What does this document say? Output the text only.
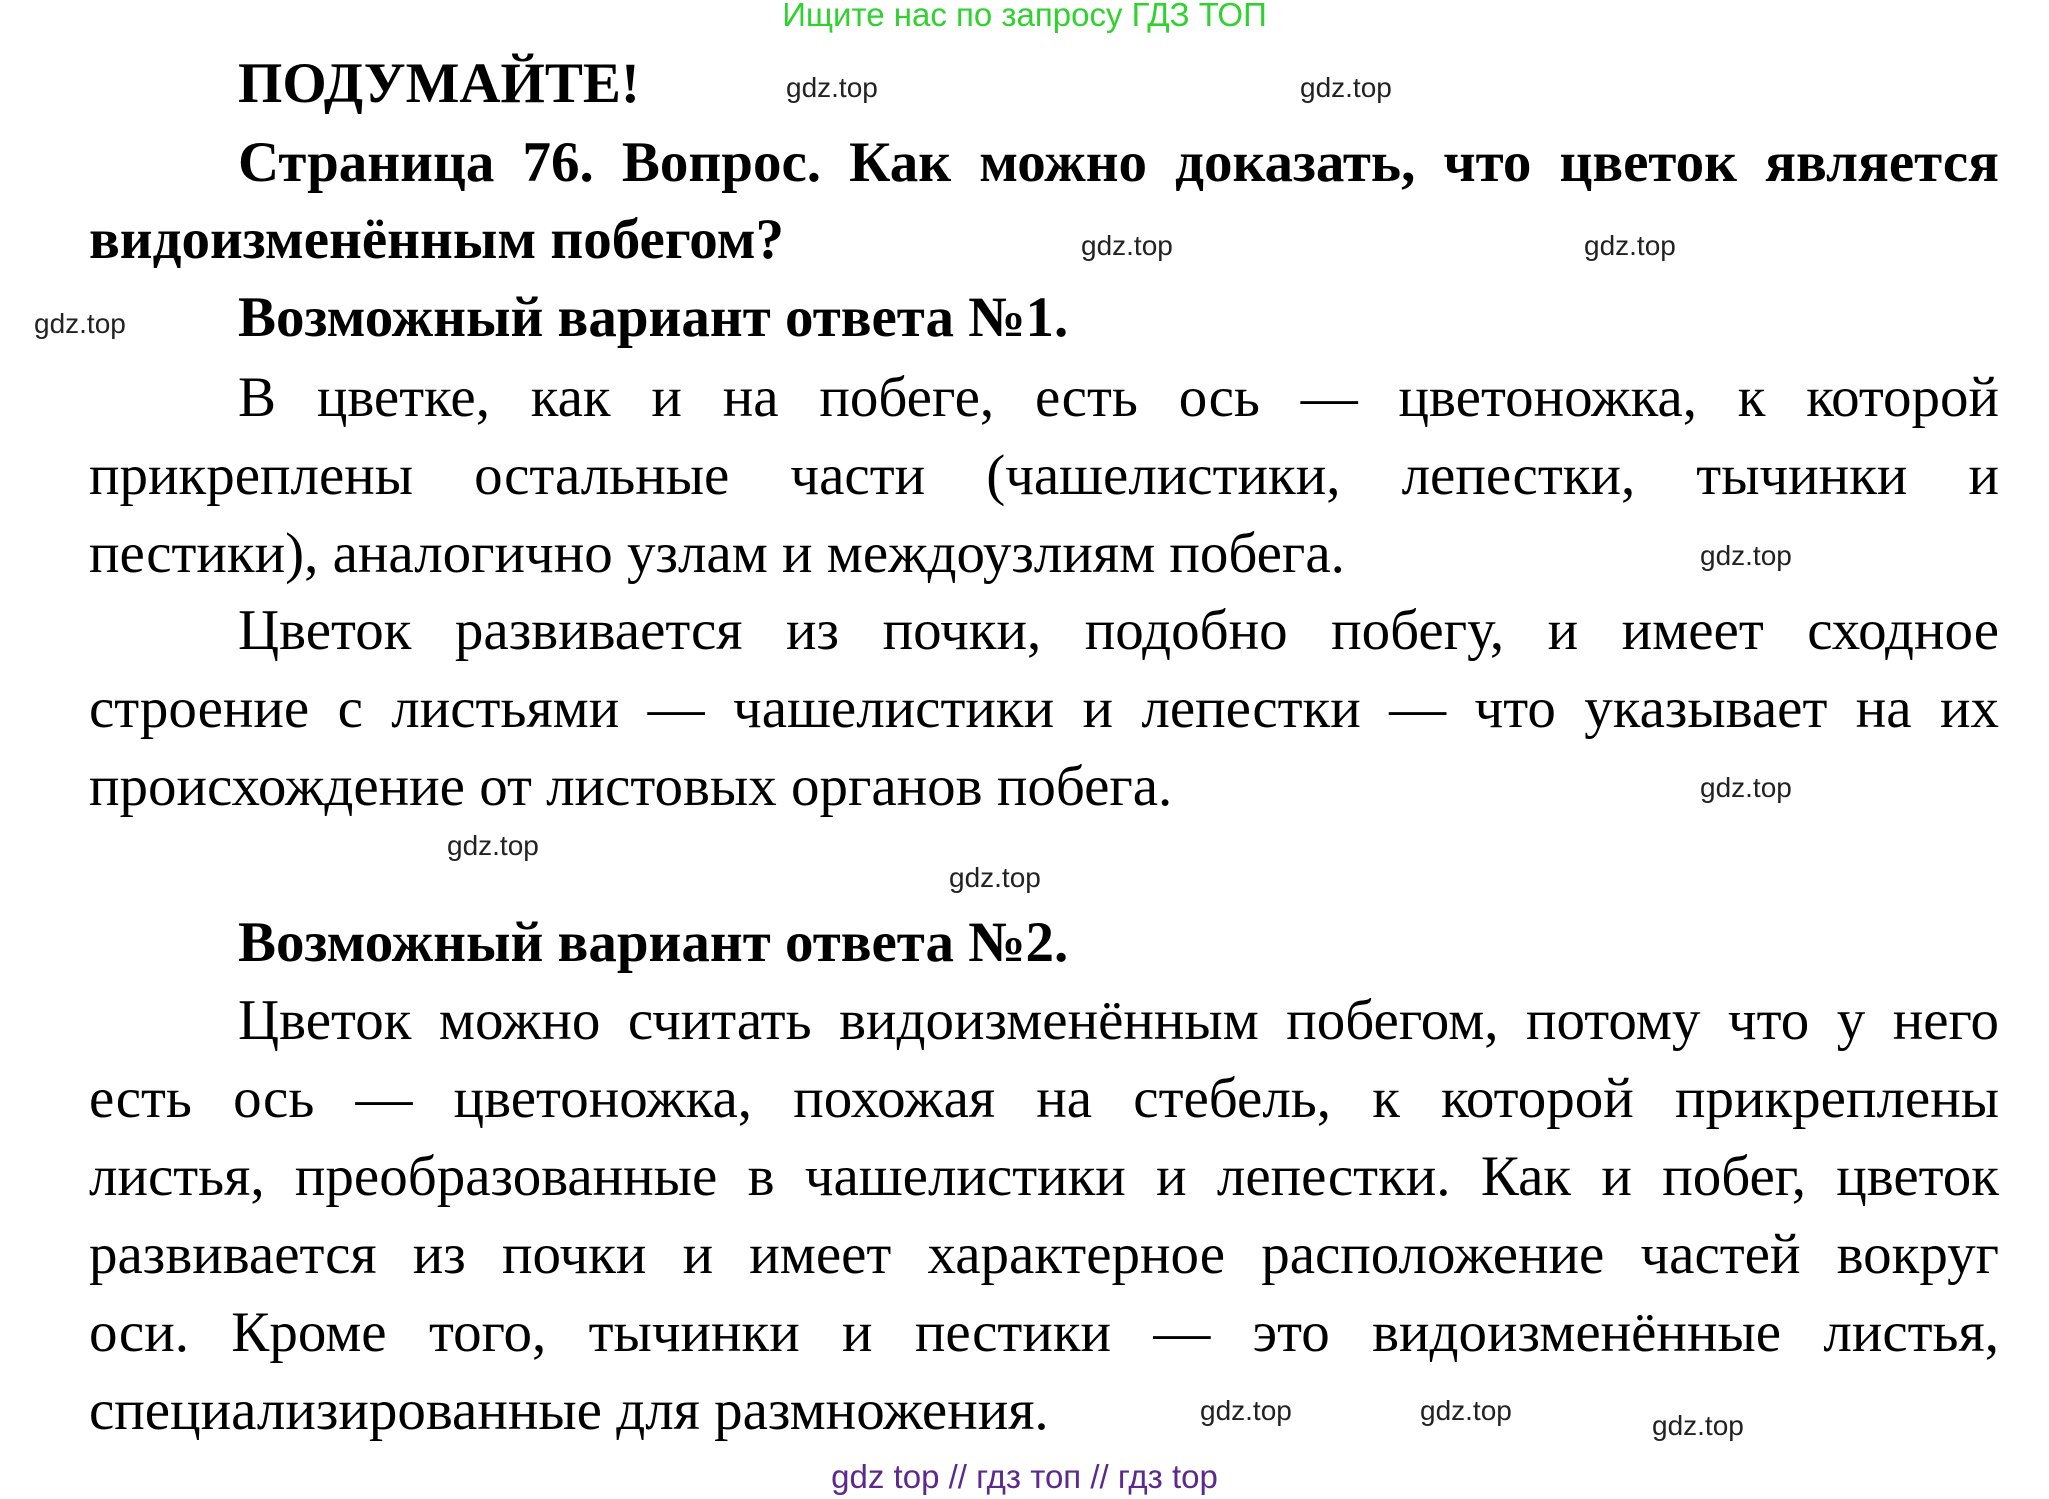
Ищите нас по запросу ГДЗ ТОП
ПОДУМАЙТЕ!
Страница 76. Вопрос. Как можно доказать, что цветок является
видоизменённым побегом?
Возможный вариант ответа №1.
В цветке, как и на побеге, есть ось — цветоножка, к которой
прикреплены остальные части (чашелистики, лепестки, тычинки и
пестики), аналогично узлам и междоузлиям побега.
Цветок развивается из почки, подобно побегу, и имеет сходное
строение с листьями — чашелистики и лепестки — что указывает на их
происхождение от листовых органов побега.
Возможный вариант ответа №2.
Цветок можно считать видоизменённым побегом, потому что у него
есть ось — цветоножка, похожая на стебель, к которой прикреплены
листья, преобразованные в чашелистики и лепестки. Как и побег, цветок
развивается из почки и имеет характерное расположение частей вокруг
оси. Кроме того, тычинки и пестики — это видоизменённые листья,
специализированные для размножения.
gdz.top	gdz.top
gdz.top
gdz.top
gdz.top
gdz.top
gdz.top
gdz.top
gdz.top
gdz.top	gdz.top	gdz.top
gdz top // гдз топ // гдз top
